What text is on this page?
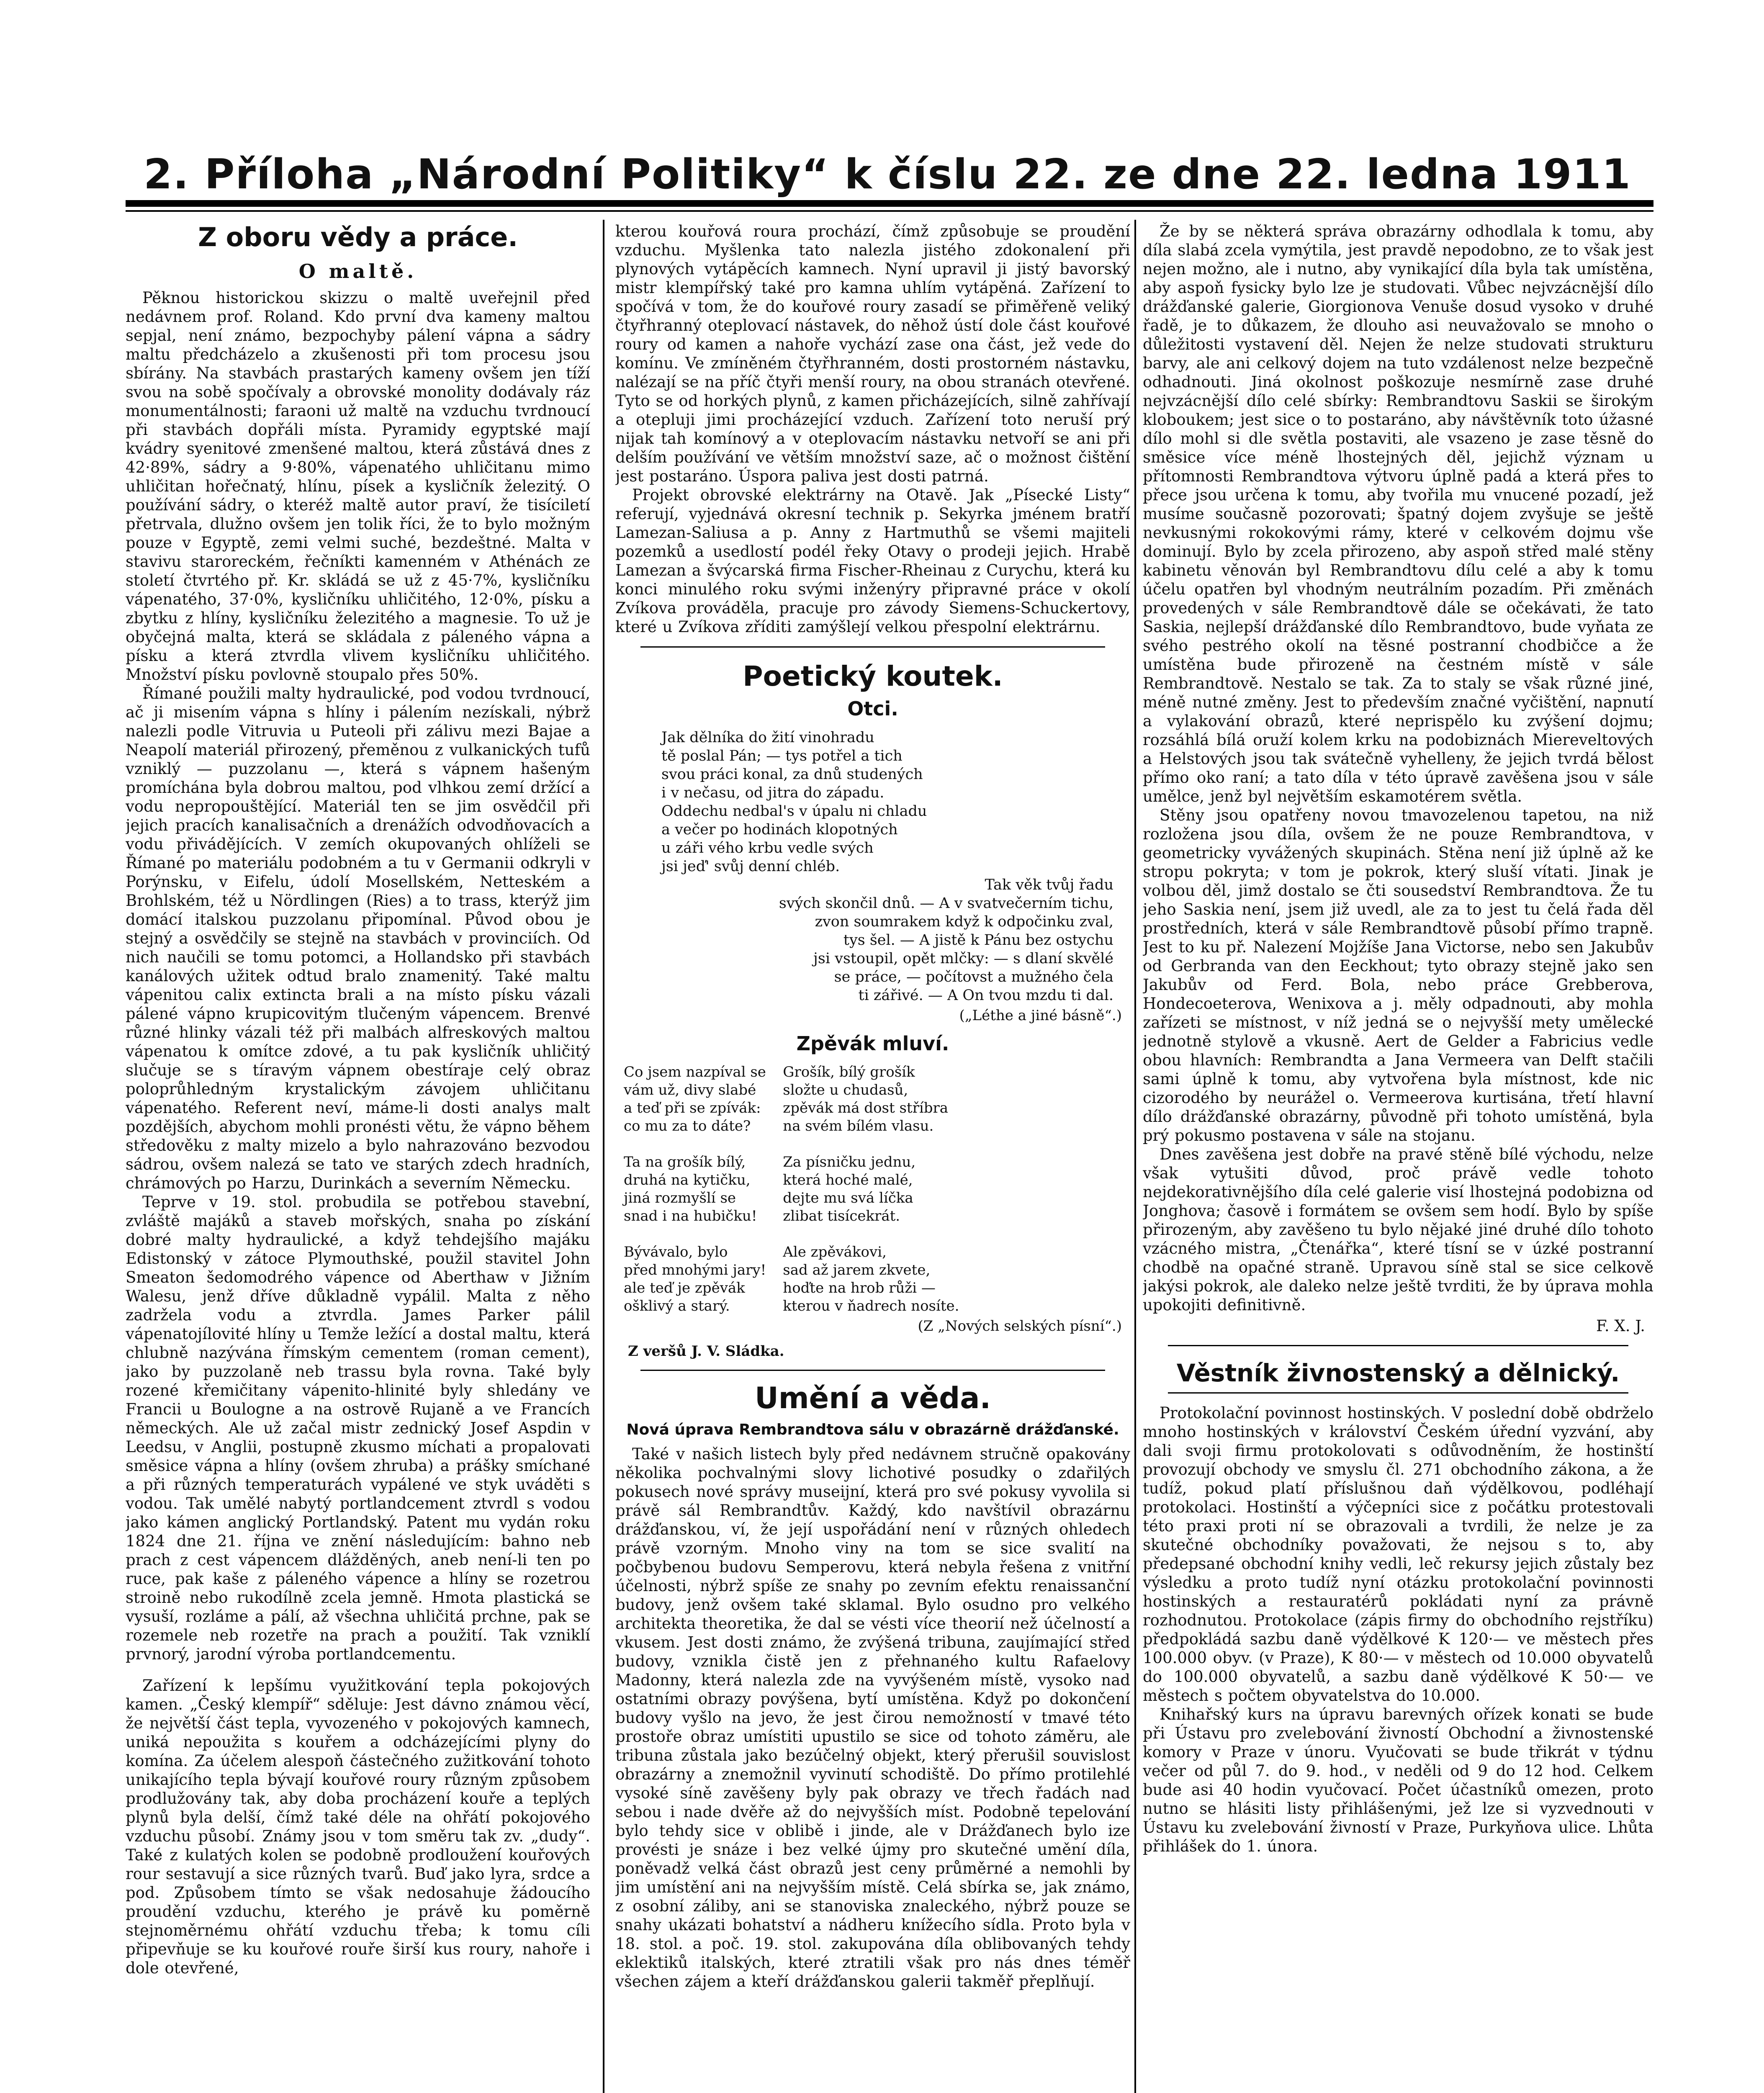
2. Příloha „Národní Politiky“ k číslu 22. ze dne 22. ledna 1911
Z oboru vědy a práce.
O maltě.

Pěknou historickou skizzu o maltě uveřejnil před nedávnem prof. Roland. Kdo první dva kameny maltou sepjal, není známo, bezpochyby pálení vápna a sádry maltu předcházelo a zkušenosti při tom procesu jsou sbírány. Na stavbách prastarých kameny ovšem jen tíží svou na sobě spočívaly a obrovské monolity dodávaly ráz monumentálnosti; faraoni už maltě na vzduchu tvrdnoucí při stavbách dopřáli místa. Pyramidy egyptské mají kvádry syenitové zmenšené maltou, která zůstává dnes z 42·89%, sádry a 9·80%, vápenatého uhličitanu mimo uhličitan hořečnatý, hlínu, písek a kysličník železitý. O používání sádry, o kteréž maltě autor praví, že tisíciletí přetrvala, dlužno ovšem jen tolik říci, že to bylo možným pouze v Egyptě, zemi velmi suché, bezdeštné. Malta v stavivu staroreckém, řečníkti kamenném v Athénách ze století čtvrtého př. Kr. skládá se už z 45·7%, kysličníku vápenatého, 37·0%, kysličníku uhličitého, 12·0%, písku a zbytku z hlíny, kysličníku železitého a magnesie. To už je obyčejná malta, která se skládala z páleného vápna a písku a která ztvrdla vlivem kysličníku uhličitého. Množství písku povlovně stoupalo přes 50%.

Římané použili malty hydraulické, pod vodou tvrdnoucí, ač ji misením vápna s hlíny i pálením nezískali, nýbrž nalezli podle Vitruvia u Puteoli při zálivu mezi Bajae a Neapolí materiál přirozený, přeměnou z vulkanických tufů vzniklý — puzzolanu —, která s vápnem hašeným promíchána byla dobrou maltou, pod vlhkou zemí držící a vodu nepropouštějící. Materiál ten se jim osvědčil při jejich pracích kanalisačních a drenážích odvodňovacích a vodu přivádějících. V zemích okupovaných ohlíželi se Římané po materiálu podobném a tu v Germanii odkryli v Porýnsku, v Eifelu, údolí Mosellském, Netteském a Brohlském, též u Nördlingen (Ries) a to trass, kterýž jim domácí italskou puzzolanu připomínal. Původ obou je stejný a osvědčily se stejně na stavbách v provinciích. Od nich naučili se tomu potomci, a Hollandsko při stavbách kanálových užitek odtud bralo znamenitý. Také maltu vápenitou calix extincta brali a na místo písku vázali pálené vápno krupicovitým tlučeným vápencem. Brenvé různé hlinky vázali též při malbách alfreskových maltou vápenatou k omítce zdové, a tu pak kysličník uhličitý slučuje se s tíravým vápnem obestíraje celý obraz poloprůhledným krystalickým závojem uhličitanu vápenatého. Referent neví, máme-li dosti analys malt pozdějších, abychom mohli pronésti větu, že vápno během středověku z malty mizelo a bylo nahrazováno bezvodou sádrou, ovšem nalezá se tato ve starých zdech hradních, chrámových po Harzu, Durinkách a severním Německu.

Teprve v 19. stol. probudila se potřebou stavební, zvláště majáků a staveb mořských, snaha po získání dobré malty hydraulické, a když tehdejšího majáku Edistonský v zátoce Plymouthské, použil stavitel John Smeaton šedomodrého vápence od Aberthaw v Jižním Walesu, jenž dříve důkladně vypálil. Malta z něho zadržela vodu a ztvrdla. James Parker pálil vápenatojílovité hlíny u Temže ležící a dostal maltu, která chlubně nazývána římským cementem (roman cement), jako by puzzolaně neb trassu byla rovna. Také byly rozené křemičitany vápenito-hlinité byly shledány ve Francii u Boulogne a na ostrově Rujaně a ve Francích německých. Ale už začal mistr zednický Josef Aspdin v Leedsu, v Anglii, postupně zkusmo míchati a propalovati směsice vápna a hlíny (ovšem zhruba) a prášky smíchané a při různých temperaturách vypálené ve styk uváděti s vodou. Tak umělé nabytý portlandcement ztvrdl s vodou jako kámen anglický Portlandský. Patent mu vydán roku 1824 dne 21. října ve znění následujícím: bahno neb prach z cest vápencem dlážděných, aneb není-li ten po ruce, pak kaše z páleného vápence a hlíny se rozetrou stroině nebo rukodílně zcela jemně. Hmota plastická se vysuší, rozláme a pálí, až všechna uhličitá prchne, pak se rozemele neb rozetře na prach a použití. Tak vzniklí prvnorý, jarodní výroba portlandcementu.

Zařízení k lepšímu využitkování tepla pokojových kamen. „Český klempíř“ sděluje: Jest dávno známou věcí, že největší část tepla, vyvozeného v pokojových kamnech, uniká nepoužita s kouřem a odcházejícími plyny do komína. Za účelem alespoň částečného zužitkování tohoto unikajícího tepla bývají kouřové roury různým způsobem prodlužovány tak, aby doba procházení kouře a teplých plynů byla delší, čímž také déle na ohřátí pokojového vzduchu působí. Známy jsou v tom směru tak zv. „dudy“. Také z kulatých kolen se podobně prodloužení kouřových rour sestavují a sice různých tvarů. Buď jako lyra, srdce a pod. Způsobem tímto se však nedosahuje žádoucího proudění vzduchu, kterého je právě ku poměrně stejnoměrnému ohřátí vzduchu třeba; k tomu cíli připevňuje se ku kouřové rouře širší kus roury, nahoře i dole otevřené,

kterou kouřová roura prochází, čímž způsobuje se proudění vzduchu. Myšlenka tato nalezla jistého zdokonalení při plynových vytápěcích kamnech. Nyní upravil ji jistý bavorský mistr klempířský také pro kamna uhlím vytápěná. Zařízení to spočívá v tom, že do kouřové roury zasadí se přiměřeně veliký čtyřhranný oteplovací nástavek, do něhož ústí dole část kouřové roury od kamen a nahoře vychází zase ona část, jež vede do komínu. Ve zmíněném čtyřhranném, dosti prostorném nástavku, nalézají se na příč čtyři menší roury, na obou stranách otevřené. Tyto se od horkých plynů, z kamen přicházejících, silně zahřívají a otepluji jimi procházející vzduch. Zařízení toto neruší prý nijak tah komínový a v oteplovacím nástavku netvoří se ani při delším používání ve větším množství saze, ač o možnost čištění jest postaráno. Úspora paliva jest dosti patrná.

Projekt obrovské elektrárny na Otavě. Jak „Písecké Listy“ referují, vyjednává okresní technik p. Sekyrka jménem bratří Lamezan-Saliusa a p. Anny z Hartmuthů se všemi majiteli pozemků a usedlostí podél řeky Otavy o prodeji jejich. Hrabě Lamezan a švýcarská firma Fischer-Rheinau z Curychu, která ku konci minulého roku svými inženýry připravné práce v okolí Zvíkova prováděla, pracuje pro závody Siemens-Schuckertovy, které u Zvíkova zříditi zamýšlejí velkou přespolní elektrárnu.

Poetický koutek.
Otci.
Jak dělníka do žití vinohradu
tě poslal Pán; — tys potřel a tich
svou práci konal, za dnů studených
i v nečasu, od jitra do západu.
Oddechu nedbal's v úpalu ni chladu
a večer po hodinách klopotných
u záři vého krbu vedle svých
jsi jeď' svůj denní chléb.
Tak věk tvůj řadu
svých skončil dnů. — A v svatvečerním tichu,
zvon soumrakem když k odpočinku zval,
tys šel. — A jistě k Pánu bez ostychu
jsi vstoupil, opět mlčky: — s dlaní skvělé
se práce, — počítovst a mužného čela
ti zářivé. — A On tvou mzdu ti dal.
(„Léthe a jiné básně“.)
Zpěvák mluví.
Co jsem nazpíval se
vám už, divy slabé
a teď při se zpívák:
co mu za to dáte?

Ta na grošík bílý,
druhá na kytičku,
jiná rozmyšlí se
snad i na hubičku!

Bývávalo, bylo
před mnohými jary!
ale teď je zpěvák
ošklivý a starý.
Grošík, bílý grošík
složte u chudasů,
zpěvák má dost stříbra
na svém bílém vlasu.

Za písničku jednu,
která hoché malé,
dejte mu svá líčka
zlibat tisícekrát.

Ale zpěvákovi,
sad až jarem zkvete,
hoďte na hrob růži —
kterou v ňadrech nosíte.
(Z „Nových selských písní“.)
Z veršů J. V. Sládka.
Umění a věda.
Nová úprava Rembrandtova sálu v obrazárně drážďanské.

Také v našich listech byly před nedávnem stručně opakovány několika pochvalnými slovy lichotivé posudky o zdařilých pokusech nové správy museijní, která pro své pokusy vyvolila si právě sál Rembrandtův. Každý, kdo navštívil obrazárnu drážďanskou, ví, že její uspořádání není v různých ohledech právě vzorným. Mnoho viny na tom se sice svalití na počbybenou budovu Semperovu, která nebyla řešena z vnitřní účelnosti, nýbrž spíše ze snahy po zevním efektu renaissanční budovy, jenž ovšem také sklamal. Bylo osudno pro velkého architekta theoretika, že dal se vésti více theorií než účelností a vkusem. Jest dosti známo, že zvýšená tribuna, zaujímající střed budovy, vznikla čistě jen z přehnaného kultu Rafaelovy Madonny, která nalezla zde na vyvýšeném místě, vysoko nad ostatními obrazy povýšena, bytí umístěna. Když po dokončení budovy vyšlo na jevo, že jest čirou nemožností v tmavé této prostoře obraz umístiti upustilo se sice od tohoto záměru, ale tribuna zůstala jako bezúčelný objekt, který přerušil souvislost obrazárny a znemožnil vyvinutí schodiště. Do přímo protilehlé vysoké síně zavěšeny byly pak obrazy ve třech řadách nad sebou i nade dvěře až do nejvyšších míst. Podobně tepelování bylo tehdy sice v oblibě i jinde, ale v Drážďanech bylo ize provésti je snáze i bez velké újmy pro skutečné umění díla, poněvadž velká část obrazů jest ceny průměrné a nemohli by jim umístění ani na nejvyšším místě. Celá sbírka se, jak známo, z osobní záliby, ani se stanoviska znaleckého, nýbrž pouze se snahy ukázati bohatství a nádheru knížecího sídla. Proto byla v 18. stol. a poč. 19. stol. zakupována díla oblibovaných tehdy eklektiků italských, které ztratili však pro nás dnes téměř všechen zájem a kteří drážďanskou galerii takměř přeplňují.

Že by se některá správa obrazárny odhodlala k tomu, aby díla slabá zcela vymýtila, jest pravdě nepodobno, ze to však jest nejen možno, ale i nutno, aby vynikající díla byla tak umístěna, aby aspoň fysicky bylo lze je studovati. Vůbec nejvzácnější dílo drážďanské galerie, Giorgionova Venuše dosud vysoko v druhé řadě, je to důkazem, že dlouho asi neuvažovalo se mnoho o důležitosti vystavení děl. Nejen že nelze studovati strukturu barvy, ale ani celkový dojem na tuto vzdálenost nelze bezpečně odhadnouti. Jiná okolnost poškozuje nesmírně zase druhé nejvzácnější dílo celé sbírky: Rembrandtovu Saskii se širokým kloboukem; jest sice o to postaráno, aby návštěvník toto úžasné dílo mohl si dle světla postaviti, ale vsazeno je zase těsně do směsice více méně lhostejných děl, jejichž význam u přítomnosti Rembrandtova výtvoru úplně padá a která přes to přece jsou určena k tomu, aby tvořila mu vnucené pozadí, jež musíme současně pozorovati; špatný dojem zvyšuje se ještě nevkusnými rokokovými rámy, které v celkovém dojmu vše dominují. Bylo by zcela přirozeno, aby aspoň střed malé stěny kabinetu věnován byl Rembrandtovu dílu celé a aby k tomu účelu opatřen byl vhodným neutrálním pozadím. Při změnách provedených v sále Rembrandtově dále se očekávati, že tato Saskia, nejlepší drážďanské dílo Rembrandtovo, bude vyňata ze svého pestrého okolí na těsné postranní chodbičce a že umístěna bude přirozeně na čestném místě v sále Rembrandtově. Nestalo se tak. Za to staly se však různé jiné, méně nutné změny. Jest to především značné vyčištění, napnutí a vylakování obrazů, které neprispělo ku zvýšení dojmu; rozsáhlá bílá oruží kolem krku na podobiznách Miereveltových a Helstových jsou tak svátečně vyhelleny, že jejich tvrdá bělost přímo oko raní; a tato díla v této úpravě zavěšena jsou v sále umělce, jenž byl největším eskamotérem světla.

Stěny jsou opatřeny novou tmavozelenou tapetou, na niž rozložena jsou díla, ovšem že ne pouze Rembrandtova, v geometricky vyvážených skupinách. Stěna není již úplně až ke stropu pokryta; v tom je pokrok, který sluší vítati. Jinak je volbou děl, jimž dostalo se čti sousedství Rembrandtova. Že tu jeho Saskia není, jsem již uvedl, ale za to jest tu čelá řada děl prostředních, která v sále Rembrandtově působí přímo trapně. Jest to ku př. Nalezení Mojžíše Jana Victorse, nebo sen Jakubův od Gerbranda van den Eeckhout; tyto obrazy stejně jako sen Jakubův od Ferd. Bola, nebo práce Grebberova, Hondecoeterova, Wenixova a j. měly odpadnouti, aby mohla zařízeti se místnost, v níž jedná se o nejvyšší mety umělecké jednotně stylově a vkusně. Aert de Gelder a Fabricius vedle obou hlavních: Rembrandta a Jana Vermeera van Delft stačili sami úplně k tomu, aby vytvořena byla místnost, kde nic cizorodého by neurážel o. Vermeerova kurtisána, třetí hlavní dílo drážďanské obrazárny, původně při tohoto umístěná, byla prý pokusmo postavena v sále na stojanu.

Dnes zavěšena jest dobře na pravé stěně bílé východu, nelze však vytušiti důvod, proč právě vedle tohoto nejdekorativnějšího díla celé galerie visí lhostejná podobizna od Jonghova; časově i formátem se ovšem sem hodí. Bylo by spíše přirozeným, aby zavěšeno tu bylo nějaké jiné druhé dílo tohoto vzácného mistra, „Čtenářka“, které tísní se v úzké postranní chodbě na opačné straně. Upravou síně stal se sice celkově jakýsi pokrok, ale daleko nelze ještě tvrditi, že by úprava mohla upokojiti definitivně.

F. X. J.
Věstník živnostenský a dělnický.

Protokolační povinnost hostinských. V poslední době obdrželo mnoho hostinských v království Českém úřední vyzvání, aby dali svoji firmu protokolovati s odůvodněním, že hostinští provozují obchody ve smyslu čl. 271 obchodního zákona, a že tudíž, pokud platí příslušnou daň výdělkovou, podléhají protokolaci. Hostinští a výčepníci sice z počátku protestovali této praxi proti ní se obrazovali a tvrdili, že nelze je za skutečné obchodníky považovati, že nejsou s to, aby předepsané obchodní knihy vedli, leč rekursy jejich zůstaly bez výsledku a proto tudíž nyní otázku protokolační povinnosti hostinských a restauratérů pokládati nyní za právně rozhodnutou. Protokolace (zápis firmy do obchodního rejstříku) předpokládá sazbu daně výdělkové K 120·— ve městech přes 100.000 obyv. (v Praze), K 80·— v městech od 10.000 obyvatelů do 100.000 obyvatelů, a sazbu daně výdělkové K 50·— ve městech s počtem obyvatelstva do 10.000.

Knihařský kurs na úpravu barevných ořízek konati se bude při Ústavu pro zvelebování živností Obchodní a živnostenské komory v Praze v únoru. Vyučovati se bude třikrát v týdnu večer od půl 7. do 9. hod., v neděli od 9 do 12 hod. Celkem bude asi 40 hodin vyučovací. Počet účastníků omezen, proto nutno se hlásiti listy přihlášenými, jež lze si vyzvednouti v Ústavu ku zvelebování živností v Praze, Purkyňova ulice. Lhůta přihlášek do 1. února.
